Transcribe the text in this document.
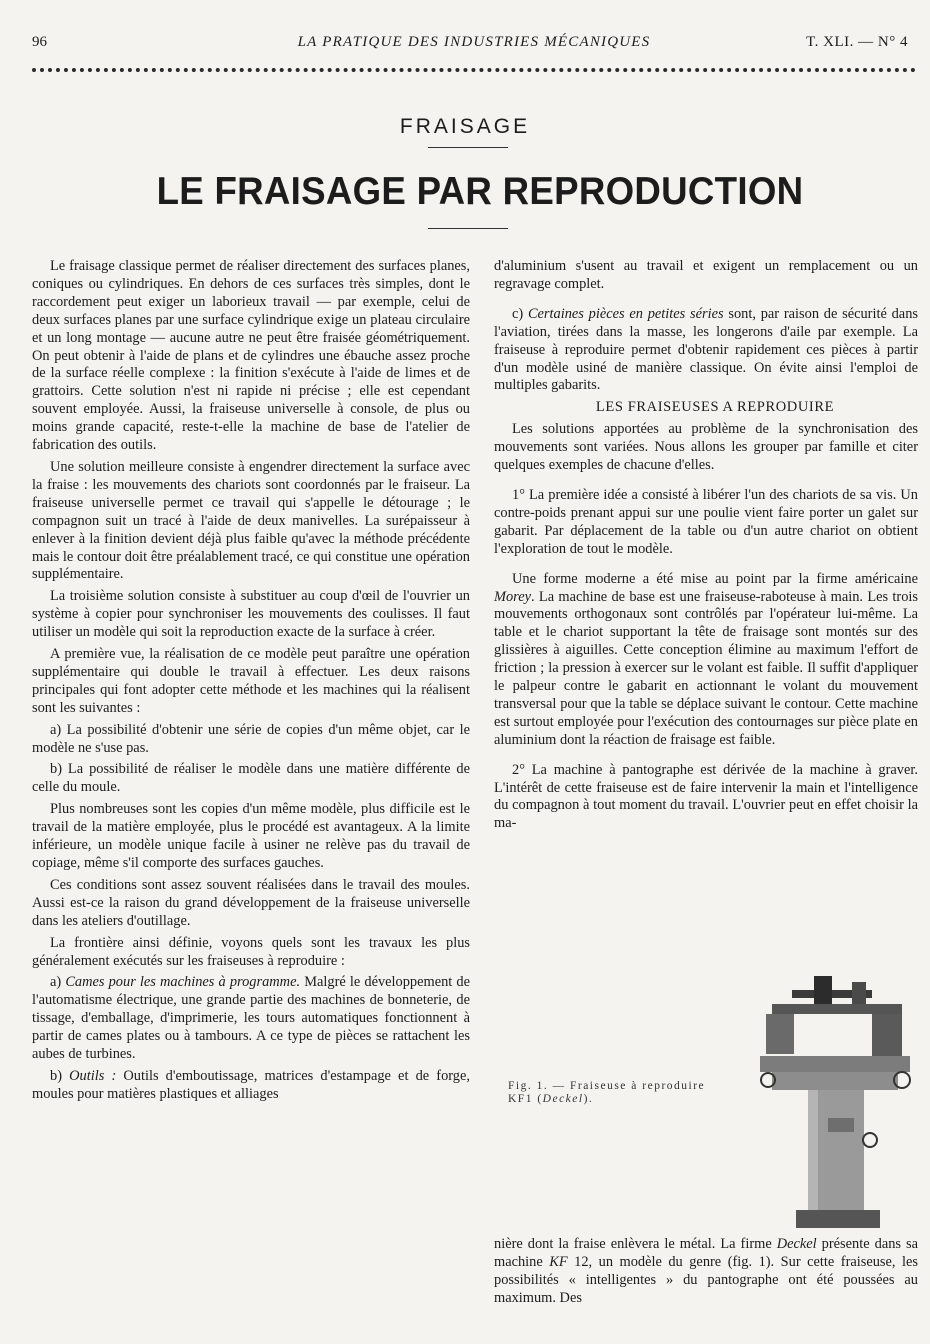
96	LA PRATIQUE DES INDUSTRIES MÉCANIQUES	T. XLI. — N° 4
FRAISAGE
LE FRAISAGE PAR REPRODUCTION

Le fraisage classique permet de réaliser directement des surfaces planes, coniques ou cylindriques. En dehors de ces surfaces très simples, dont le raccordement peut exiger un laborieux travail — par exemple, celui de deux surfaces planes par une surface cylindrique exige un plateau circulaire et un long montage — aucune autre ne peut être fraisée géométriquement. On peut obtenir à l'aide de plans et de cylindres une ébauche assez proche de la surface réelle complexe : la finition s'exécute à l'aide de limes et de grattoirs. Cette solution n'est ni rapide ni précise ; elle est cependant souvent employée. Aussi, la fraiseuse universelle à console, de plus ou moins grande capacité, reste-t-elle la machine de base de l'atelier de fabrication des outils.

Une solution meilleure consiste à engendrer directement la surface avec la fraise : les mouvements des chariots sont coordonnés par le fraiseur. La fraiseuse universelle permet ce travail qui s'appelle le détourage ; le compagnon suit un tracé à l'aide de deux manivelles. La surépaisseur à enlever à la finition devient déjà plus faible qu'avec la méthode précédente mais le contour doit être préalablement tracé, ce qui constitue une opération supplémentaire.

La troisième solution consiste à substituer au coup d'œil de l'ouvrier un système à copier pour synchroniser les mouvements des coulisses. Il faut utiliser un modèle qui soit la reproduction exacte de la surface à créer.

A première vue, la réalisation de ce modèle peut paraître une opération supplémentaire qui double le travail à effectuer. Les deux raisons principales qui font adopter cette méthode et les machines qui la réalisent sont les suivantes :

a) La possibilité d'obtenir une série de copies d'un même objet, car le modèle ne s'use pas.

b) La possibilité de réaliser le modèle dans une matière différente de celle du moule.

Plus nombreuses sont les copies d'un même modèle, plus difficile est le travail de la matière employée, plus le procédé est avantageux. A la limite inférieure, un modèle unique facile à usiner ne relève pas du travail de copiage, même s'il comporte des surfaces gauches.

Ces conditions sont assez souvent réalisées dans le travail des moules. Aussi est-ce la raison du grand développement de la fraiseuse universelle dans les ateliers d'outillage.

La frontière ainsi définie, voyons quels sont les travaux les plus généralement exécutés sur les fraiseuses à reproduire :

a) Cames pour les machines à programme. Malgré le développement de l'automatisme électrique, une grande partie des machines de bonneterie, de tissage, d'emballage, d'imprimerie, les tours automatiques fonctionnent à partir de cames plates ou à tambours. A ce type de pièces se rattachent les aubes de turbines.

b) Outils : Outils d'emboutissage, matrices d'estampage et de forge, moules pour matières plastiques et alliages

d'aluminium s'usent au travail et exigent un remplacement ou un regravage complet.

c) Certaines pièces en petites séries sont, par raison de sécurité dans l'aviation, tirées dans la masse, les longerons d'aile par exemple. La fraiseuse à reproduire permet d'obtenir rapidement ces pièces à partir d'un modèle usiné de manière classique. On évite ainsi l'emploi de multiples gabarits.

LES FRAISEUSES A REPRODUIRE

Les solutions apportées au problème de la synchronisation des mouvements sont variées. Nous allons les grouper par famille et citer quelques exemples de chacune d'elles.

1° La première idée a consisté à libérer l'un des chariots de sa vis. Un contre-poids prenant appui sur une poulie vient faire porter un galet sur gabarit. Par déplacement de la table ou d'un autre chariot on obtient l'exploration de tout le modèle.

Une forme moderne a été mise au point par la firme américaine Morey. La machine de base est une fraiseuse-raboteuse à main. Les trois mouvements orthogonaux sont contrôlés par l'opérateur lui-même. La table et le chariot supportant la tête de fraisage sont montés sur des glissières à aiguilles. Cette conception élimine au maximum l'effort de friction ; la pression à exercer sur le volant est faible. Il suffit d'appliquer le palpeur contre le gabarit en actionnant le volant du mouvement transversal pour que la table se déplace suivant le contour. Cette machine est surtout employée pour l'exécution des contournages sur pièce plate en aluminium dont la réaction de fraisage est faible.

2° La machine à pantographe est dérivée de la machine à graver. L'intérêt de cette fraiseuse est de faire intervenir la main et l'intelligence du compagnon à tout moment du travail. L'ouvrier peut en effet choisir la ma-

Fig. 1. — Fraiseuse à reproduire KF1 (Deckel).

nière dont la fraise enlèvera le métal. La firme Deckel présente dans sa machine KF 12, un modèle du genre (fig. 1). Sur cette fraiseuse, les possibilités « intelligentes » du pantographe ont été poussées au maximum. Des
